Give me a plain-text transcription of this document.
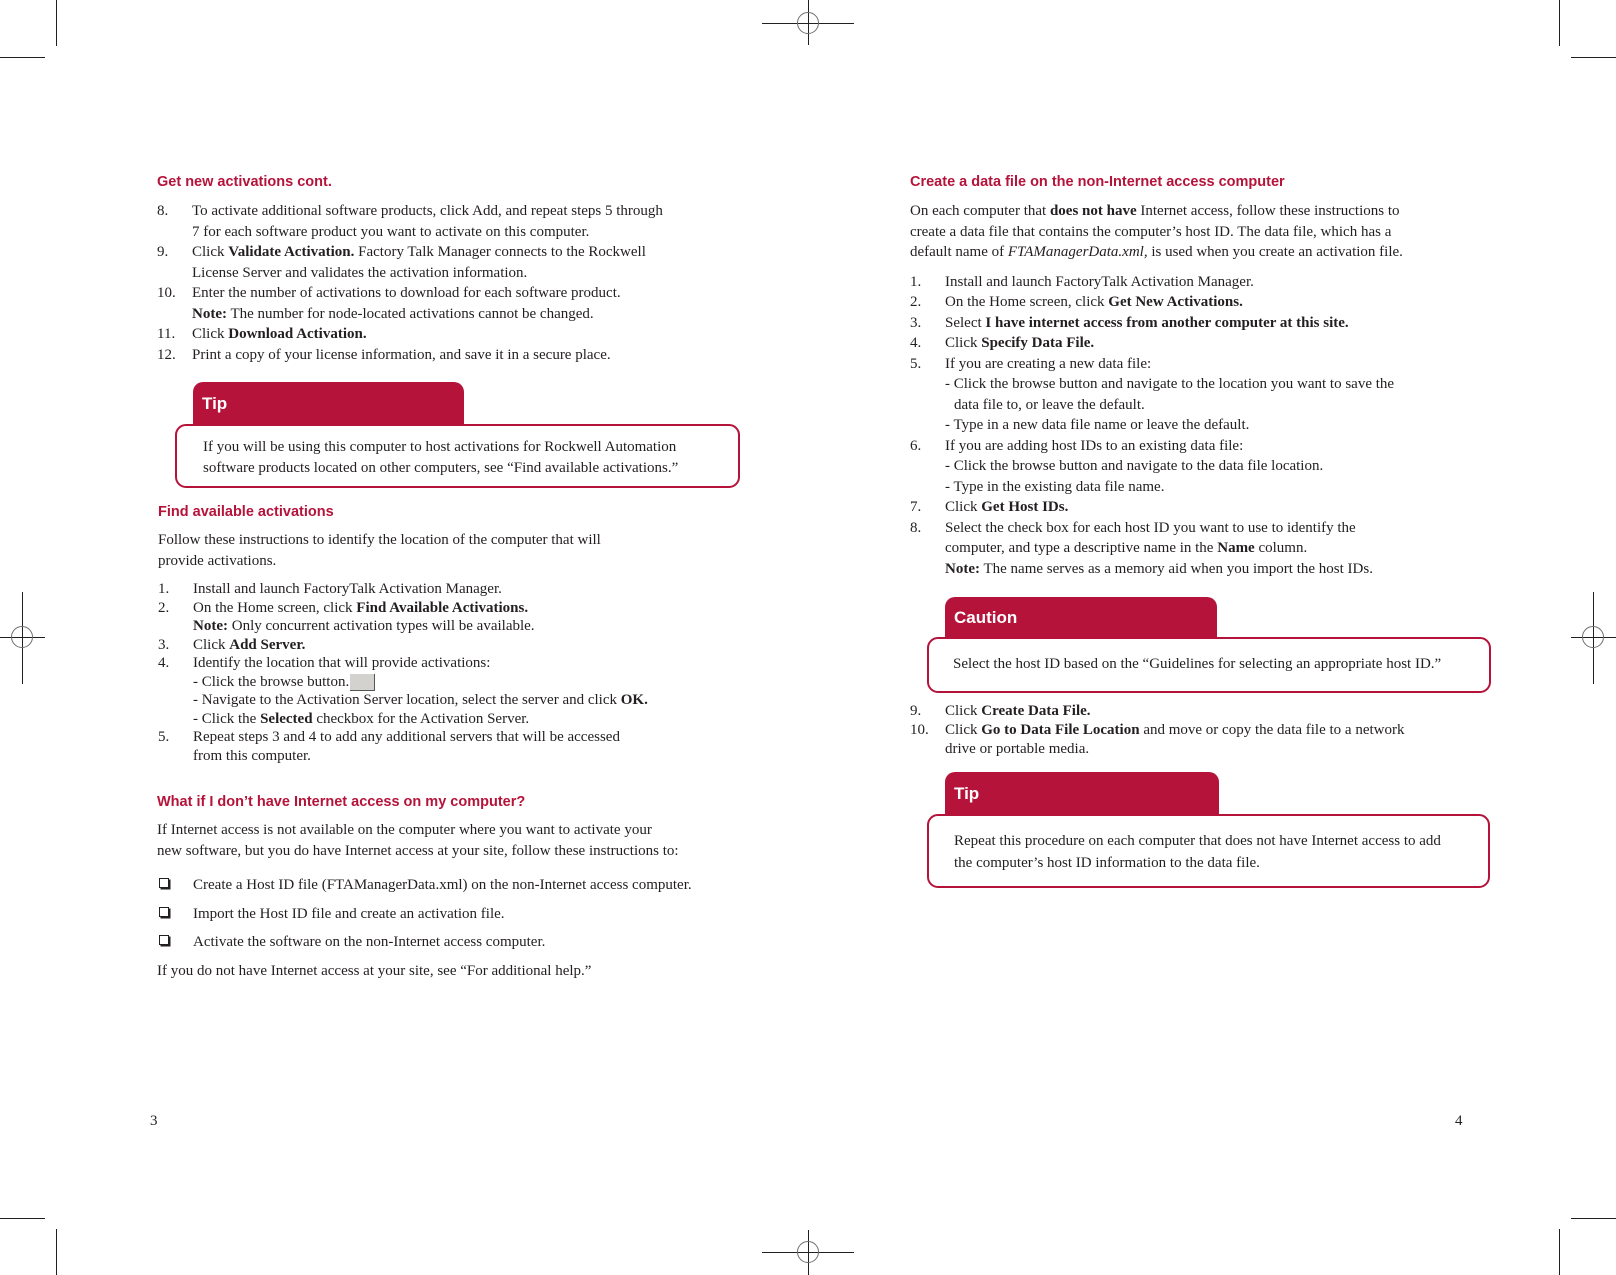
Get new activations cont.
8. To activate additional software products, click Add, and repeat steps 5 through
7 for each software product you want to activate on this computer.
9. Click Validate Activation. Factory Talk Manager connects to the Rockwell
License Server and validates the activation information.
10. Enter the number of activations to download for each software product.
Note: The number for node-located activations cannot be changed.
11. Click Download Activation.
12. Print a copy of your license information, and save it in a secure place.
Tip
If you will be using this computer to host activations for Rockwell Automation
software products located on other computers, see “Find available activations.”
Find available activations

Follow these instructions to identify the location of the computer that will

provide activations.

1. Install and launch FactoryTalk Activation Manager.
2. On the Home screen, click Find Available Activations.
Note: Only concurrent activation types will be available.
3. Click Add Server.
4. Identify the location that will provide activations:
- Click the browse button.
- Navigate to the Activation Server location, select the server and click OK.
- Click the Selected checkbox for the Activation Server.
5. Repeat steps 3 and 4 to add any additional servers that will be accessed
from this computer.
What if I don’t have Internet access on my computer?

If Internet access is not available on the computer where you want to activate your

new software, but you do have Internet access at your site, follow these instructions to:

Create a Host ID file (FTAManagerData.xml) on the non-Internet access computer.
Import the Host ID file and create an activation file.
Activate the software on the non-Internet access computer.

If you do not have Internet access at your site, see “For additional help.”

3
Create a data file on the non-Internet access computer

On each computer that does not have Internet access, follow these instructions to

create a data file that contains the computer’s host ID. The data file, which has a

default name of FTAManagerData.xml, is used when you create an activation file.

1. Install and launch FactoryTalk Activation Manager.
2. On the Home screen, click Get New Activations.
3. Select I have internet access from another computer at this site.
4. Click Specify Data File.
5. If you are creating a new data file:
- Click the browse button and navigate to the location you want to save the
data file to, or leave the default.
- Type in a new data file name or leave the default.
6. If you are adding host IDs to an existing data file:
- Click the browse button and navigate to the data file location.
- Type in the existing data file name.
7. Click Get Host IDs.
8. Select the check box for each host ID you want to use to identify the
computer, and type a descriptive name in the Name column.
Note: The name serves as a memory aid when you import the host IDs.
Caution
Select the host ID based on the “Guidelines for selecting an appropriate host ID.”
9. Click Create Data File.
10. Click Go to Data File Location and move or copy the data file to a network
drive or portable media.
Tip
Repeat this procedure on each computer that does not have Internet access to add
the computer’s host ID information to the data file.
4
